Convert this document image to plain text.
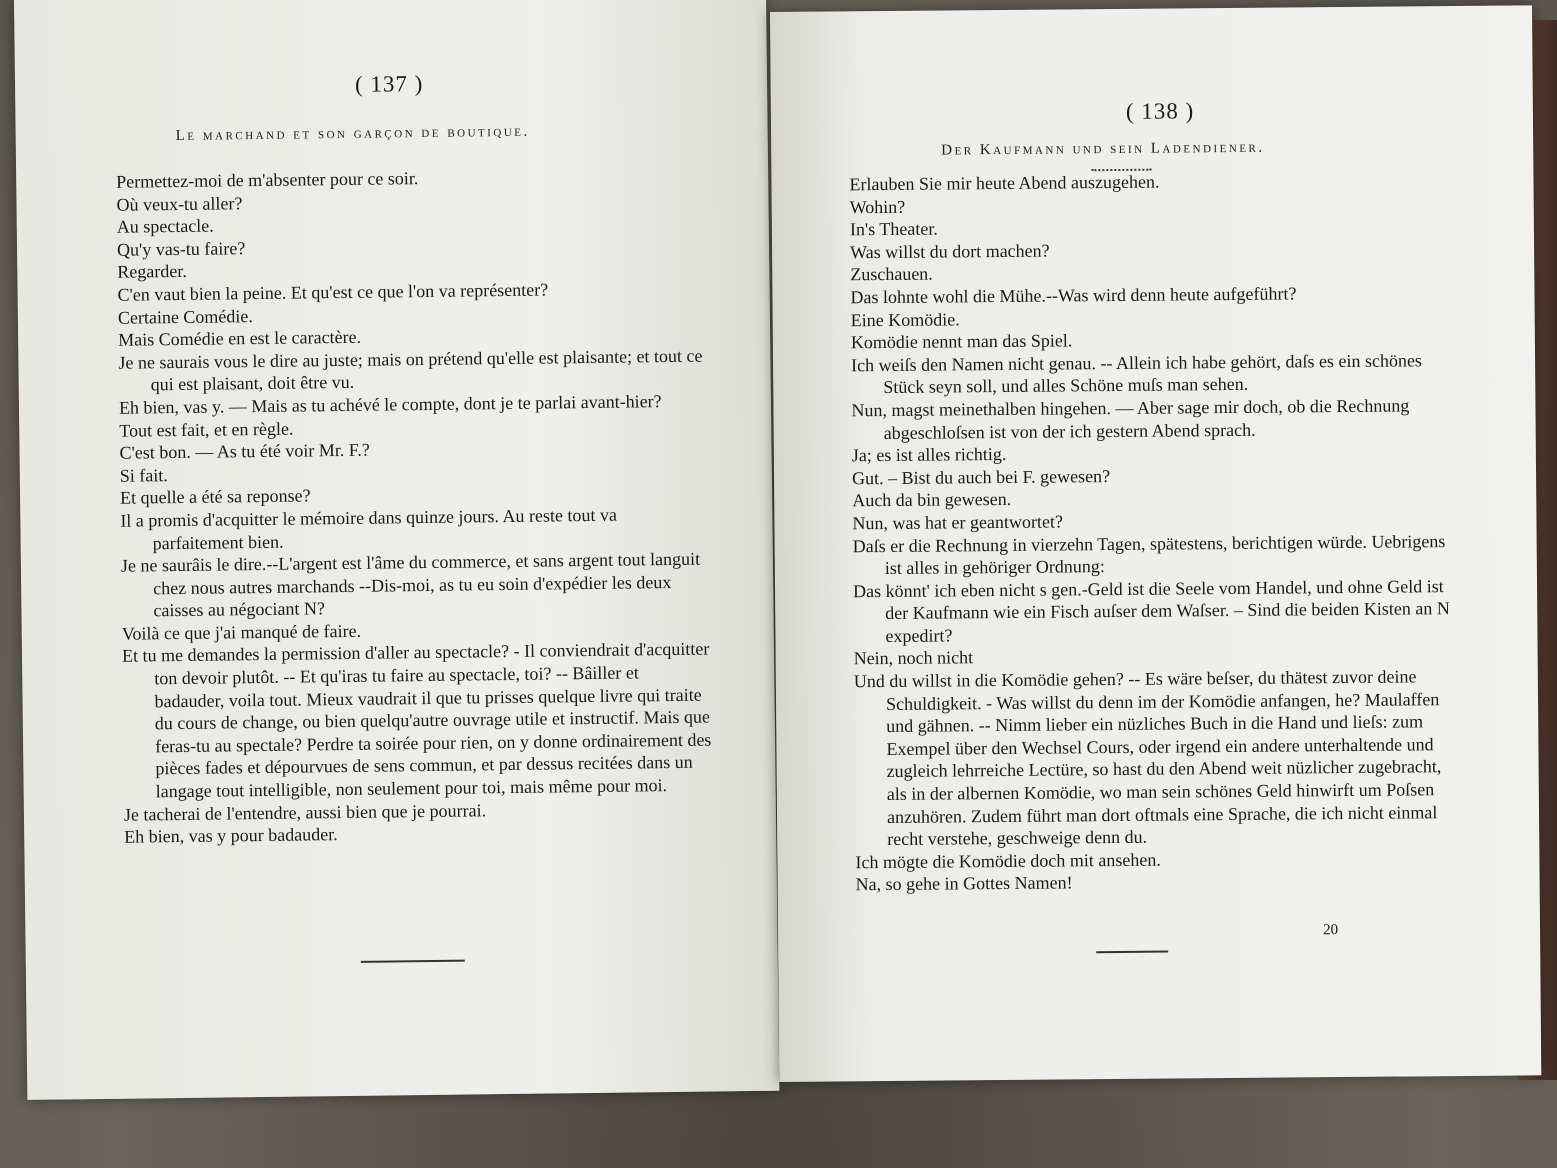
( 137 )
Le marchand et son garçon de boutique.

Permettez-moi de m'absenter pour ce soir.

Où veux-tu aller?

Au spectacle.

Qu'y vas-tu faire?

Regarder.

C'en vaut bien la peine. Et qu'est ce que l'on va représenter?

Certaine Comédie.

Mais Comédie en est le caractère.

Je ne saurais vous le dire au juste; mais on prétend qu'elle est plaisante; et tout ce qui est plaisant, doit être vu.

Eh bien, vas y. — Mais as tu achévé le compte, dont je te parlai avant-hier?

Tout est fait, et en règle.

C'est bon. — As tu été voir Mr. F.?

Si fait.

Et quelle a été sa reponse?

Il a promis d'acquitter le mémoire dans quinze jours. Au reste tout va parfaitement bien.

Je ne saurâis le dire.--L'argent est l'âme du commerce, et sans argent tout languit chez nous autres marchands --Dis-moi, as tu eu soin d'expédier les deux caisses au négociant N?

Voilà ce que j'ai manqué de faire.

Et tu me demandes la permission d'aller au spectacle? - Il conviendrait d'acquitter ton devoir plutôt. -- Et qu'iras tu faire au spectacle, toi? -- Bâiller et badauder, voila tout. Mieux vaudrait il que tu prisses quelque livre qui traite du cours de change, ou bien quelqu'autre ouvrage utile et instructif. Mais que feras-tu au spectale? Perdre ta soirée pour rien, on y donne ordinairement des pièces fades et dépourvues de sens commun, et par dessus recitées dans un langage tout intelligible, non seulement pour toi, mais même pour moi.

Je tacherai de l'entendre, aussi bien que je pourrai.

Eh bien, vas y pour badauder.

( 138 )
Der Kaufmann und sein Ladendiener.

Erlauben Sie mir heute Abend auszugehen.

Wohin?

In's Theater.

Was willst du dort machen?

Zuschauen.

Das lohnte wohl die Mühe.--Was wird denn heute aufgeführt?

Eine Komödie.

Komödie nennt man das Spiel.

Ich weiſs den Namen nicht genau. -- Allein ich habe gehört, daſs es ein schönes Stück seyn soll, und alles Schöne muſs man sehen.

Nun, magst meinethalben hingehen. — Aber sage mir doch, ob die Rechnung abgeschloſsen ist von der ich gestern Abend sprach.

Ja; es ist alles richtig.

Gut. – Bist du auch bei F. gewesen?

Auch da bin gewesen.

Nun, was hat er geantwortet?

Daſs er die Rechnung in vierzehn Tagen, spätestens, berichtigen würde. Uebrigens ist alles in gehöriger Ordnung:

Das könnt' ich eben nicht s gen.-Geld ist die Seele vom Handel, und ohne Geld ist der Kaufmann wie ein Fisch auſser dem Waſser. – Sind die beiden Kisten an N expedirt?

Nein, noch nicht

Und du willst in die Komödie gehen? -- Es wäre beſser, du thätest zuvor deine Schuldigkeit. - Was willst du denn im der Komödie anfangen, he? Maulaffen und gähnen. -- Nimm lieber ein nüzliches Buch in die Hand und lieſs: zum Exempel über den Wechsel Cours, oder irgend ein andere unterhaltende und zugleich lehrreiche Lectüre, so hast du den Abend weit nüzlicher zugebracht, als in der albernen Komödie, wo man sein schönes Geld hinwirft um Poſsen anzuhören. Zudem führt man dort oftmals eine Sprache, die ich nicht einmal recht verstehe, geschweige denn du.

Ich mögte die Komödie doch mit ansehen.

Na, so gehe in Gottes Namen!

20
